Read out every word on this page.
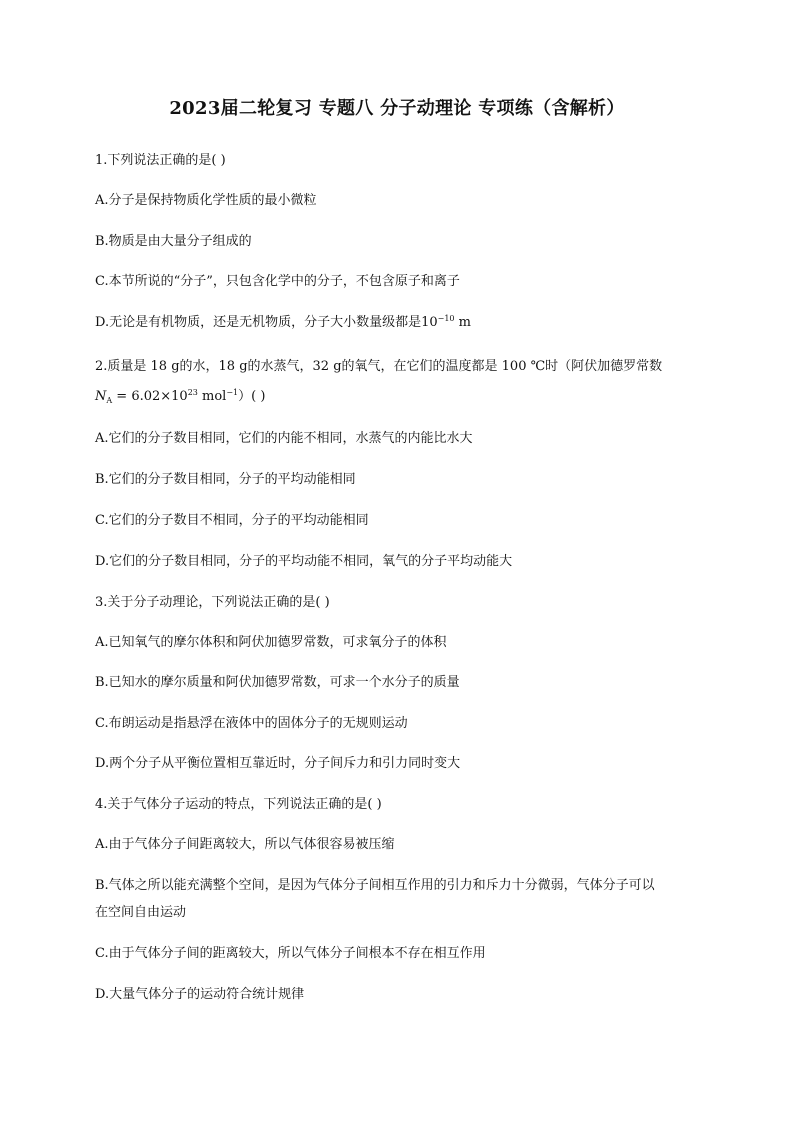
2023届二轮复习 专题八 分子动理论 专项练（含解析）
1.下列说法正确的是( )
A.分子是保持物质化学性质的最小微粒
B.物质是由大量分子组成的
C.本节所说的“分子”，只包含化学中的分子，不包含原子和离子
D.无论是有机物质，还是无机物质，分子大小数量级都是$10^{-10}$ m
2.质量是 18 g的水，18 g的水蒸气，32 g的氧气，在它们的温度都是 100 ℃时（阿伏加德罗常数
$N_A = 6.02\times 10^{23}$ mol$^{-1}$）( )
A.它们的分子数目相同，它们的内能不相同，水蒸气的内能比水大
B.它们的分子数目相同，分子的平均动能相同
C.它们的分子数目不相同，分子的平均动能相同
D.它们的分子数目相同，分子的平均动能不相同，氧气的分子平均动能大
3.关于分子动理论，下列说法正确的是( )
A.已知氧气的摩尔体积和阿伏加德罗常数，可求氧分子的体积
B.已知水的摩尔质量和阿伏加德罗常数，可求一个水分子的质量
C.布朗运动是指悬浮在液体中的固体分子的无规则运动
D.两个分子从平衡位置相互靠近时，分子间斥力和引力同时变大
4.关于气体分子运动的特点，下列说法正确的是( )
A.由于气体分子间距离较大，所以气体很容易被压缩
B.气体之所以能充满整个空间，是因为气体分子间相互作用的引力和斥力十分微弱，气体分子可以
在空间自由运动
C.由于气体分子间的距离较大，所以气体分子间根本不存在相互作用
D.大量气体分子的运动符合统计规律
